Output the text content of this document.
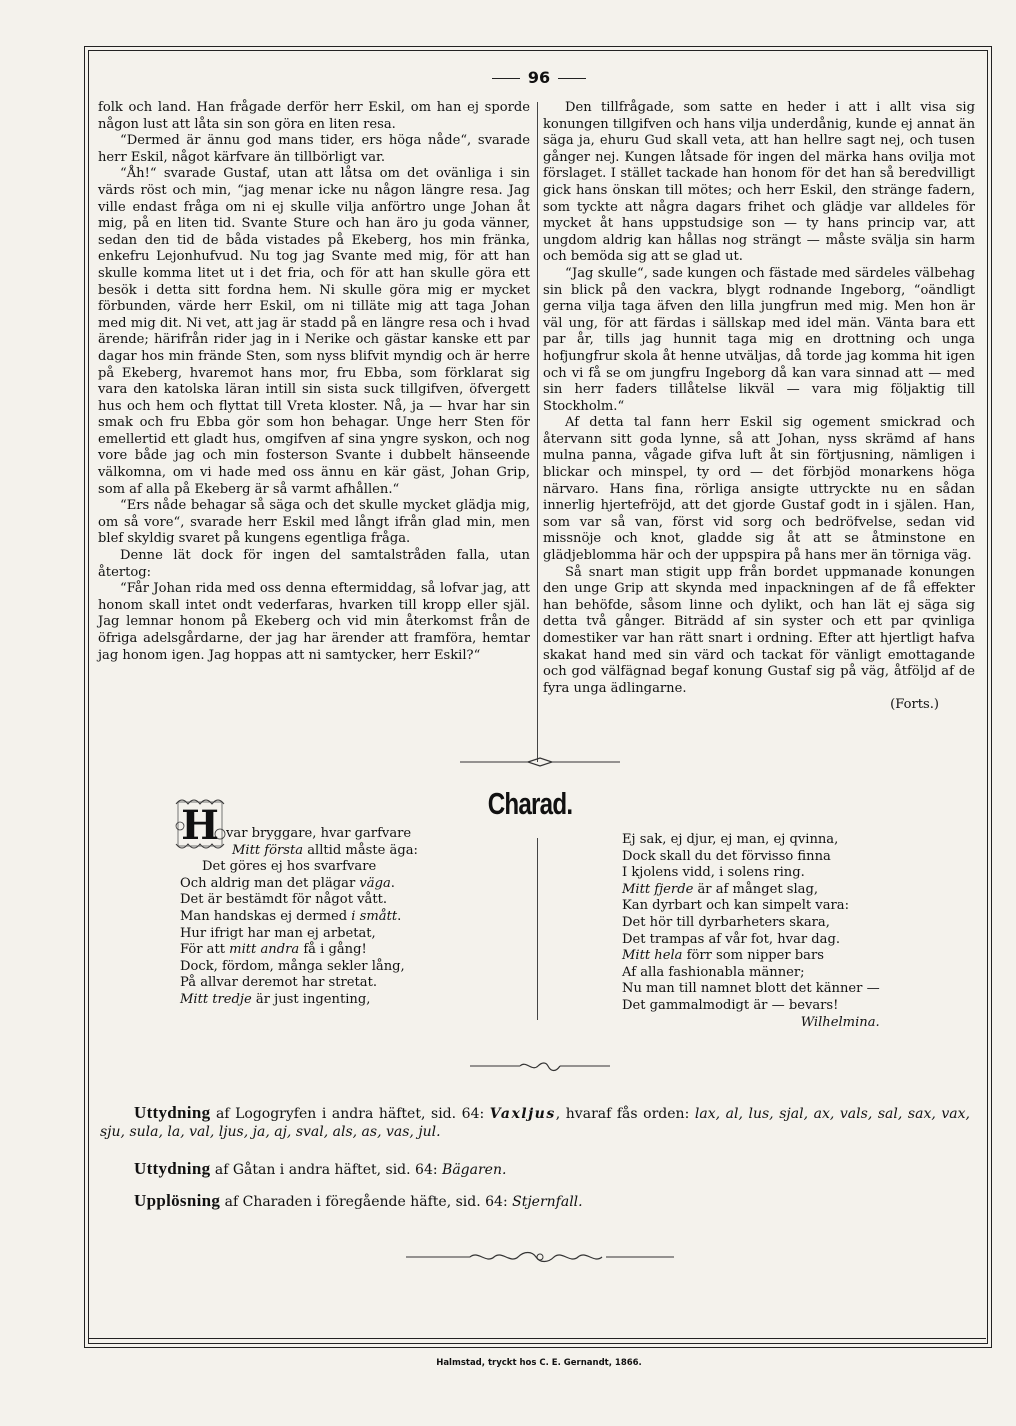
96

folk och land. Han frågade derför herr Eskil, om han ej sporde någon lust att låta sin son göra en liten resa.

“Dermed är ännu god mans tider, ers höga nåde“, svarade herr Eskil, något kärfvare än tillbörligt var.

“Åh!“ svarade Gustaf, utan att låtsa om det ovänliga i sin värds röst och min, “jag menar icke nu någon längre resa. Jag ville endast fråga om ni ej skulle vilja anförtro unge Johan åt mig, på en liten tid. Svante Sture och han äro ju goda vänner, sedan den tid de båda vistades på Ekeberg, hos min fränka, enkefru Lejonhufvud. Nu tog jag Svante med mig, för att han skulle komma litet ut i det fria, och för att han skulle göra ett besök i detta sitt fordna hem. Ni skulle göra mig er mycket förbunden, värde herr Eskil, om ni tilläte mig att taga Johan med mig dit. Ni vet, att jag är stadd på en längre resa och i hvad ärende; härifrån rider jag in i Nerike och gästar kanske ett par dagar hos min frände Sten, som nyss blifvit myndig och är herre på Ekeberg, hvaremot hans mor, fru Ebba, som förklarat sig vara den katolska läran intill sin sista suck tillgifven, öfvergett hus och hem och flyttat till Vreta kloster. Nå, ja — hvar har sin smak och fru Ebba gör som hon behagar. Unge herr Sten för emellertid ett gladt hus, omgifven af sina yngre syskon, och nog vore både jag och min fosterson Svante i dubbelt hänseende välkomna, om vi hade med oss ännu en kär gäst, Johan Grip, som af alla på Ekeberg är så varmt afhållen.“

“Ers nåde behagar så säga och det skulle mycket glädja mig, om så vore“, svarade herr Eskil med långt ifrån glad min, men blef skyldig svaret på kungens egentliga fråga.

Denne lät dock för ingen del samtalstråden falla, utan återtog:

“Får Johan rida med oss denna eftermiddag, så lofvar jag, att honom skall intet ondt vederfaras, hvarken till kropp eller själ. Jag lemnar honom på Ekeberg och vid min återkomst från de öfriga adelsgårdarne, der jag har ärender att framföra, hemtar jag honom igen. Jag hoppas att ni samtycker, herr Eskil?“

Den tillfrågade, som satte en heder i att i allt visa sig konungen tillgifven och hans vilja underdånig, kunde ej annat än säga ja, ehuru Gud skall veta, att han hellre sagt nej, och tusen gånger nej. Kungen låtsade för ingen del märka hans ovilja mot förslaget. I stället tackade han honom för det han så beredvilligt gick hans önskan till mötes; och herr Eskil, den stränge fadern, som tyckte att några dagars frihet och glädje var alldeles för mycket åt hans uppstudsige son — ty hans princip var, att ungdom aldrig kan hållas nog strängt — måste svälja sin harm och bemöda sig att se glad ut.

“Jag skulle“, sade kungen och fästade med särdeles välbehag sin blick på den vackra, blygt rodnande Ingeborg, “oändligt gerna vilja taga äfven den lilla jungfrun med mig. Men hon är väl ung, för att färdas i sällskap med idel män. Vänta bara ett par år, tills jag hunnit taga mig en drottning och unga hofjungfrur skola åt henne utväljas, då torde jag komma hit igen och vi få se om jungfru Ingeborg då kan vara sinnad att — med sin herr faders tillåtelse likväl — vara mig följaktig till Stockholm.“

Af detta tal fann herr Eskil sig ogement smickrad och återvann sitt goda lynne, så att Johan, nyss skrämd af hans mulna panna, vågade gifva luft åt sin förtjusning, nämligen i blickar och minspel, ty ord — det förbjöd monarkens höga närvaro. Hans fina, rörliga ansigte uttryckte nu en sådan innerlig hjertefröjd, att det gjorde Gustaf godt in i själen. Han, som var så van, först vid sorg och bedröfvelse, sedan vid missnöje och knot, gladde sig åt att se åtminstone en glädjeblomma här och der uppspira på hans mer än törniga väg.

Så snart man stigit upp från bordet uppmanade konungen den unge Grip att skynda med inpackningen af de få effekter han behöfde, såsom linne och dylikt, och han lät ej säga sig detta två gånger. Biträdd af sin syster och ett par qvinliga domestiker var han rätt snart i ordning. Efter att hjertligt hafva skakat hand med sin värd och tackat för vänligt emottagande och god välfägnad begaf konung Gustaf sig på väg, åtföljd af de fyra unga ädlingarne.

(Forts.)

H	Charad.
var bryggare, hvar garfvare
Mitt första alltid måste äga:
Det göres ej hos svarfvare
Och aldrig man det plägar väga.
Det är bestämdt för något vått.
Man handskas ej dermed i smått.
Hur ifrigt har man ej arbetat,
För att mitt andra få i gång!
Dock, fördom, många sekler lång,
På allvar deremot har stretat.
Mitt tredje är just ingenting,
Ej sak, ej djur, ej man, ej qvinna,
Dock skall du det förvisso finna
I kjolens vidd, i solens ring.
Mitt fjerde är af månget slag,
Kan dyrbart och kan simpelt vara:
Det hör till dyrbarheters skara,
Det trampas af vår fot, hvar dag.
Mitt hela förr som nipper bars
Af alla fashionabla männer;
Nu man till namnet blott det känner —
Det gammalmodigt är — bevars!
Wilhelmina.
Uttydning af Logogryfen i andra häftet, sid. 64: Vaxljus, hvaraf fås orden: lax, al, lus, sjal, ax, vals, sal, sax, vax, sju, sula, la, val, ljus, ja, aj, sval, als, as, vas, jul.
Uttydning af Gåtan i andra häftet, sid. 64: Bägaren.
Upplösning af Charaden i föregående häfte, sid. 64: Stjernfall.
Halmstad, tryckt hos C. E. Gernandt, 1866.
